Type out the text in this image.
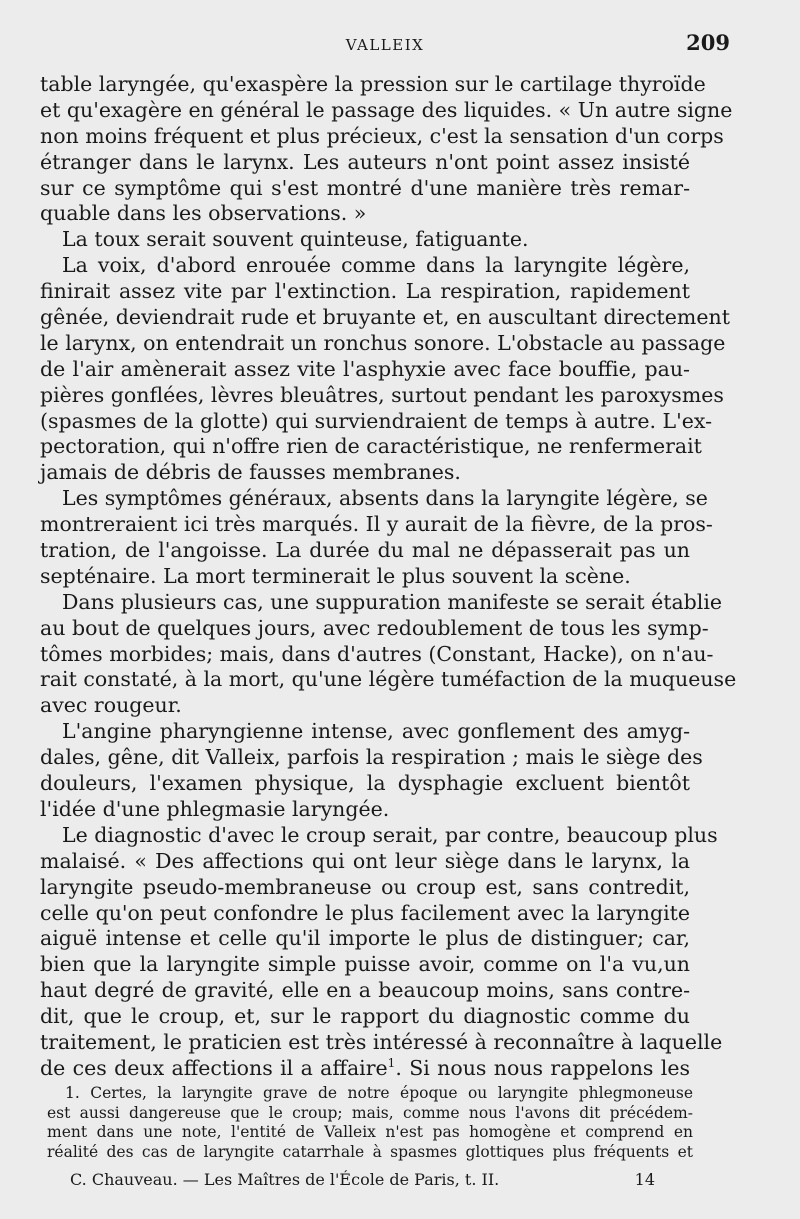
VALLEIX	209
table laryngée, qu'exaspère la pression sur le cartilage thyroïde
et qu'exagère en général le passage des liquides. « Un autre signe
non moins fréquent et plus précieux, c'est la sensation d'un corps
étranger dans le larynx. Les auteurs n'ont point assez insisté
sur ce symptôme qui s'est montré d'une manière très remar-
quable dans les observations. »
La toux serait souvent quinteuse, fatiguante.
La voix, d'abord enrouée comme dans la laryngite légère,
finirait assez vite par l'extinction. La respiration, rapidement
gênée, deviendrait rude et bruyante et, en auscultant directement
le larynx, on entendrait un ronchus sonore. L'obstacle au passage
de l'air amènerait assez vite l'asphyxie avec face bouffie, pau-
pières gonflées, lèvres bleuâtres, surtout pendant les paroxysmes
(spasmes de la glotte) qui surviendraient de temps à autre. L'ex-
pectoration, qui n'offre rien de caractéristique, ne renfermerait
jamais de débris de fausses membranes.
Les symptômes généraux, absents dans la laryngite légère, se
montreraient ici très marqués. Il y aurait de la fièvre, de la pros-
tration, de l'angoisse. La durée du mal ne dépasserait pas un
septénaire. La mort terminerait le plus souvent la scène.
Dans plusieurs cas, une suppuration manifeste se serait établie
au bout de quelques jours, avec redoublement de tous les symp-
tômes morbides; mais, dans d'autres (Constant, Hacke), on n'au-
rait constaté, à la mort, qu'une légère tuméfaction de la muqueuse
avec rougeur.
L'angine pharyngienne intense, avec gonflement des amyg-
dales, gêne, dit Valleix, parfois la respiration ; mais le siège des
douleurs, l'examen physique, la dysphagie excluent bientôt
l'idée d'une phlegmasie laryngée.
Le diagnostic d'avec le croup serait, par contre, beaucoup plus
malaisé. « Des affections qui ont leur siège dans le larynx, la
laryngite pseudo-membraneuse ou croup est, sans contredit,
celle qu'on peut confondre le plus facilement avec la laryngite
aiguë intense et celle qu'il importe le plus de distinguer; car,
bien que la laryngite simple puisse avoir, comme on l'a vu,un
haut degré de gravité, elle en a beaucoup moins, sans contre-
dit, que le croup, et, sur le rapport du diagnostic comme du
traitement, le praticien est très intéressé à reconnaître à laquelle
de ces deux affections il a affaire$^1$. Si nous nous rappelons les
1. Certes, la laryngite grave de notre époque ou laryngite phlegmoneuse
est aussi dangereuse que le croup; mais, comme nous l'avons dit précédem-
ment dans une note, l'entité de Valleix n'est pas homogène et comprend en
réalité des cas de laryngite catarrhale à spasmes glottiques plus fréquents et
C. Chauveau. — Les Maîtres de l'École de Paris, t. II.	14
